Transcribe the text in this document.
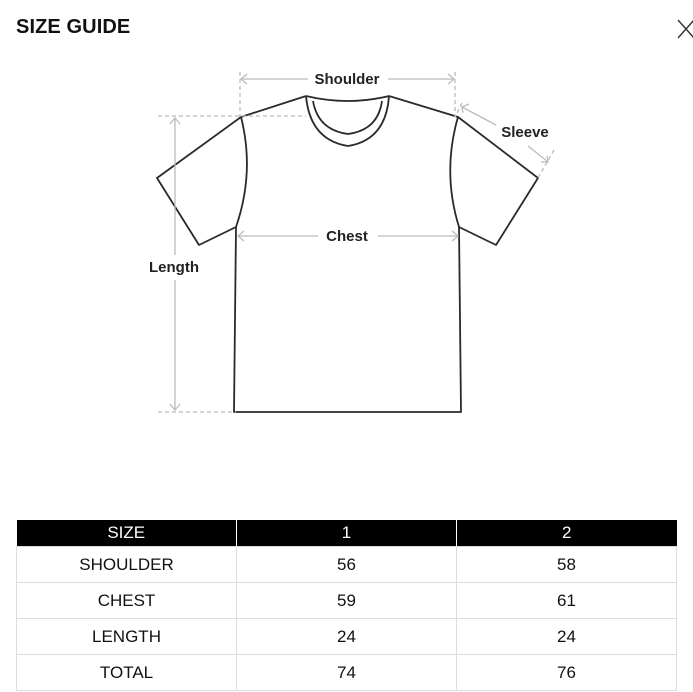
SIZE GUIDE
Shoulder
Sleeve
Chest
Length
SIZE	1	2
SHOULDER	56	58
CHEST	59	61
LENGTH	24	24
TOTAL	74	76
